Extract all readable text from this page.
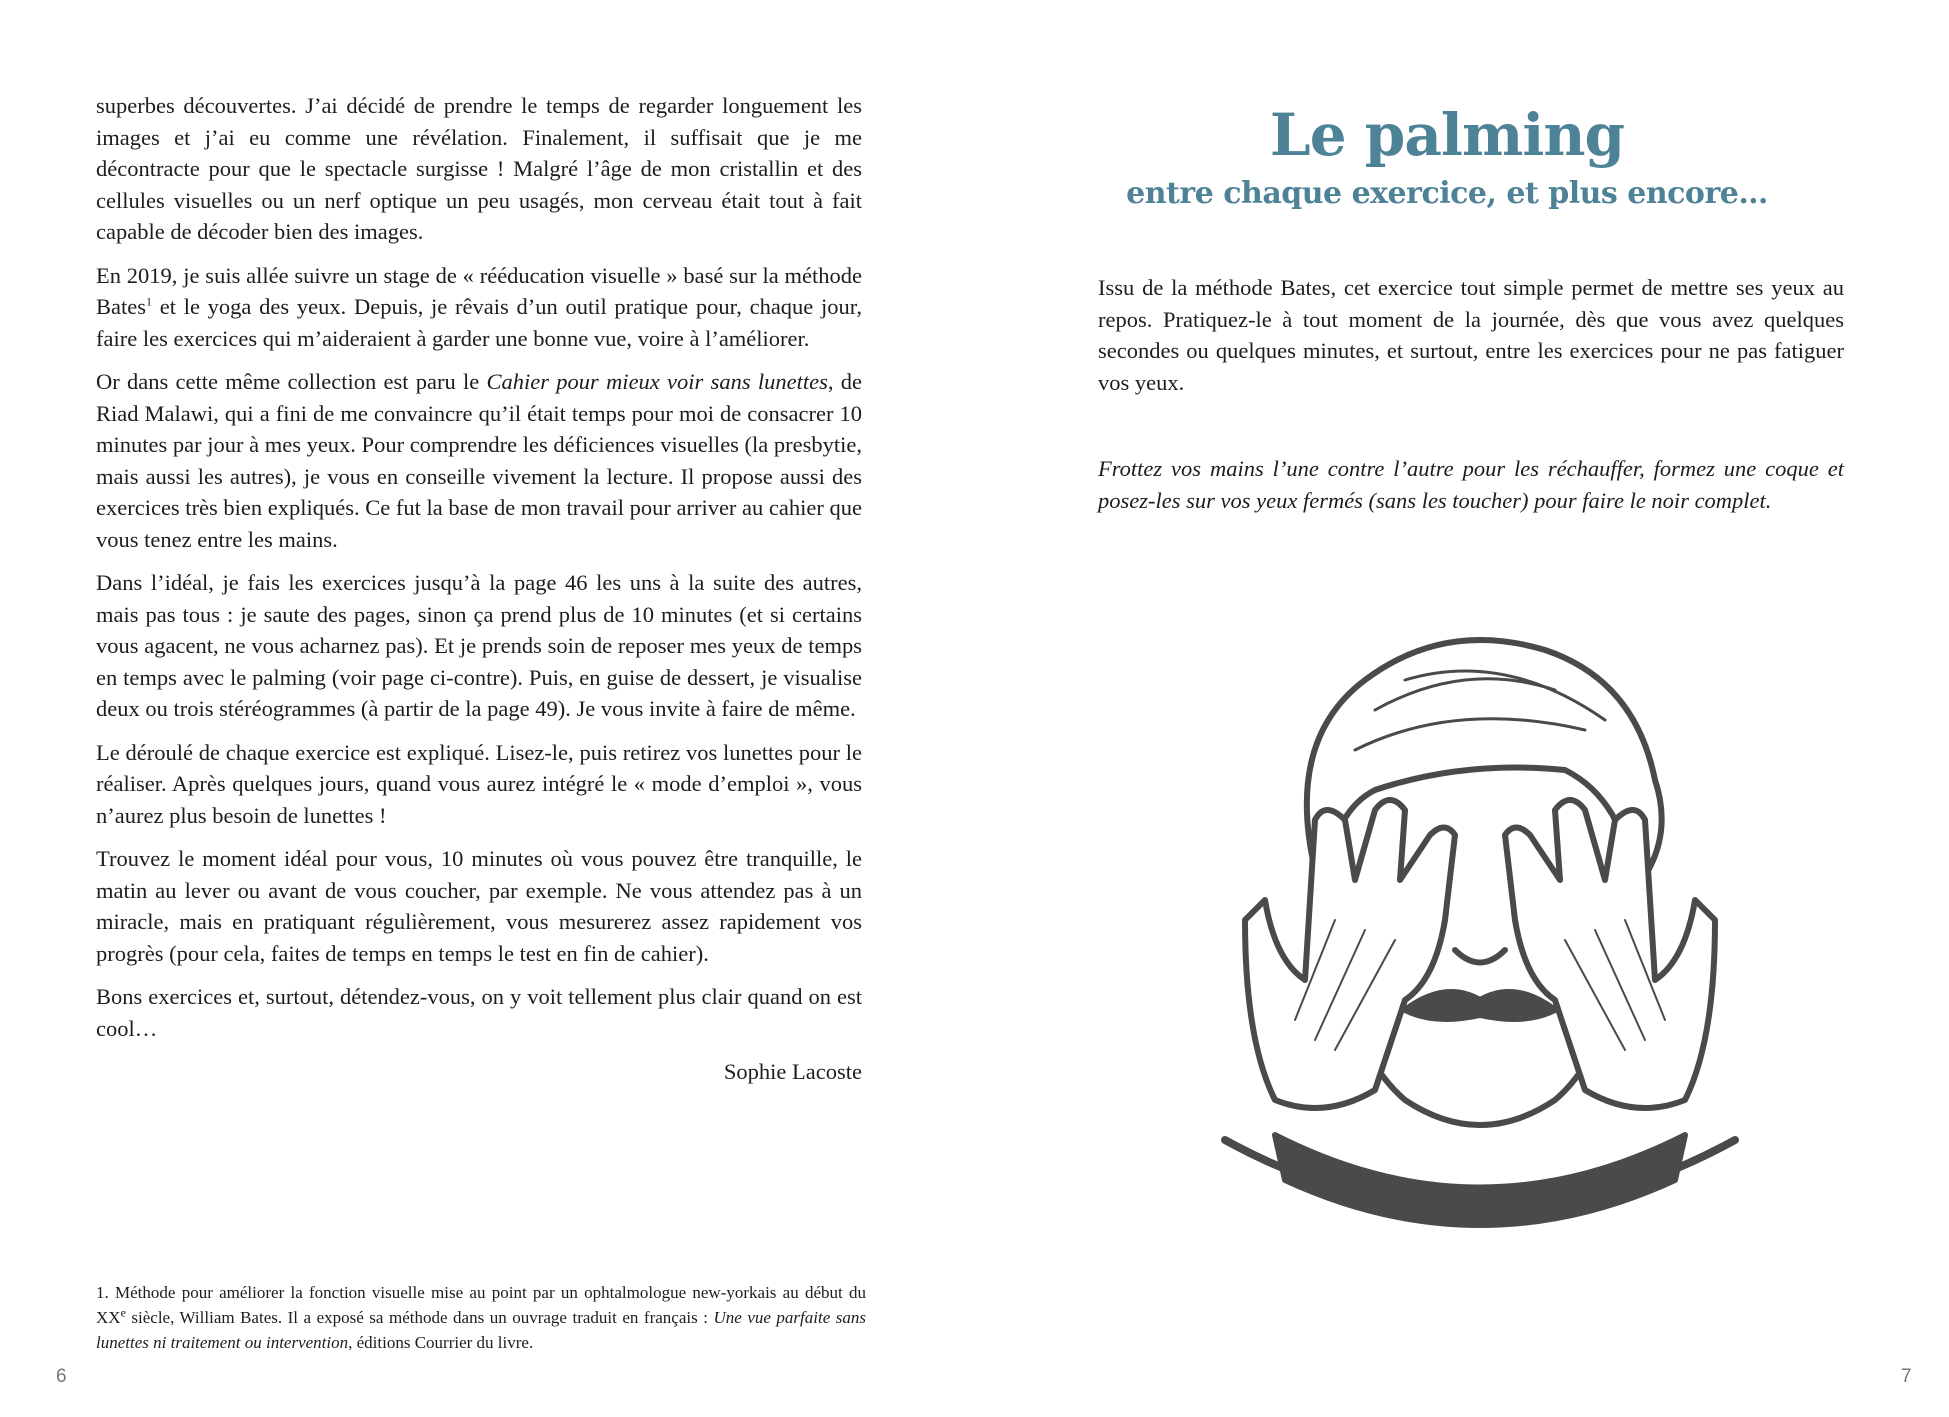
superbes découvertes. J’ai décidé de prendre le temps de regarder longuement les images et j’ai eu comme une révélation. Finalement, il suffisait que je me décontracte pour que le spectacle surgisse ! Malgré l’âge de mon cristallin et des cellules visuelles ou un nerf optique un peu usagés, mon cerveau était tout à fait capable de décoder bien des images.

En 2019, je suis allée suivre un stage de « rééducation visuelle » basé sur la méthode Bates$^1$ et le yoga des yeux. Depuis, je rêvais d’un outil pratique pour, chaque jour, faire les exercices qui m’aideraient à garder une bonne vue, voire à l’améliorer.

Or dans cette même collection est paru le Cahier pour mieux voir sans lunettes, de Riad Malawi, qui a fini de me convaincre qu’il était temps pour moi de consacrer 10 minutes par jour à mes yeux. Pour comprendre les déficiences visuelles (la presbytie, mais aussi les autres), je vous en conseille vivement la lecture. Il propose aussi des exercices très bien expliqués. Ce fut la base de mon travail pour arriver au cahier que vous tenez entre les mains.

Dans l’idéal, je fais les exercices jusqu’à la page 46 les uns à la suite des autres, mais pas tous : je saute des pages, sinon ça prend plus de 10 minutes (et si certains vous agacent, ne vous acharnez pas). Et je prends soin de reposer mes yeux de temps en temps avec le palming (voir page ci-contre). Puis, en guise de dessert, je visualise deux ou trois stéréogrammes (à partir de la page 49). Je vous invite à faire de même.

Le déroulé de chaque exercice est expliqué. Lisez-le, puis retirez vos lunettes pour le réaliser. Après quelques jours, quand vous aurez intégré le « mode d’emploi », vous n’aurez plus besoin de lunettes !

Trouvez le moment idéal pour vous, 10 minutes où vous pouvez être tranquille, le matin au lever ou avant de vous coucher, par exemple. Ne vous attendez pas à un miracle, mais en pratiquant régulièrement, vous mesurerez assez rapidement vos progrès (pour cela, faites de temps en temps le test en fin de cahier).

Bons exercices et, surtout, détendez-vous, on y voit tellement plus clair quand on est cool…

Sophie Lacoste
1. Méthode pour améliorer la fonction visuelle mise au point par un ophtalmologue new-yorkais au début du XXe siècle, William Bates. Il a exposé sa méthode dans un ouvrage traduit en français : Une vue parfaite sans lunettes ni traitement ou intervention, éditions Courrier du livre.
6
Le palming
entre chaque exercice, et plus encore…
Issu de la méthode Bates, cet exercice tout simple permet de mettre ses yeux au repos. Pratiquez-le à tout moment de la journée, dès que vous avez quelques secondes ou quelques minutes, et surtout, entre les exercices pour ne pas fatiguer vos yeux.
Frottez vos mains l’une contre l’autre pour les réchauffer, formez une coque et posez-les sur vos yeux fermés (sans les toucher) pour faire le noir complet.
7
